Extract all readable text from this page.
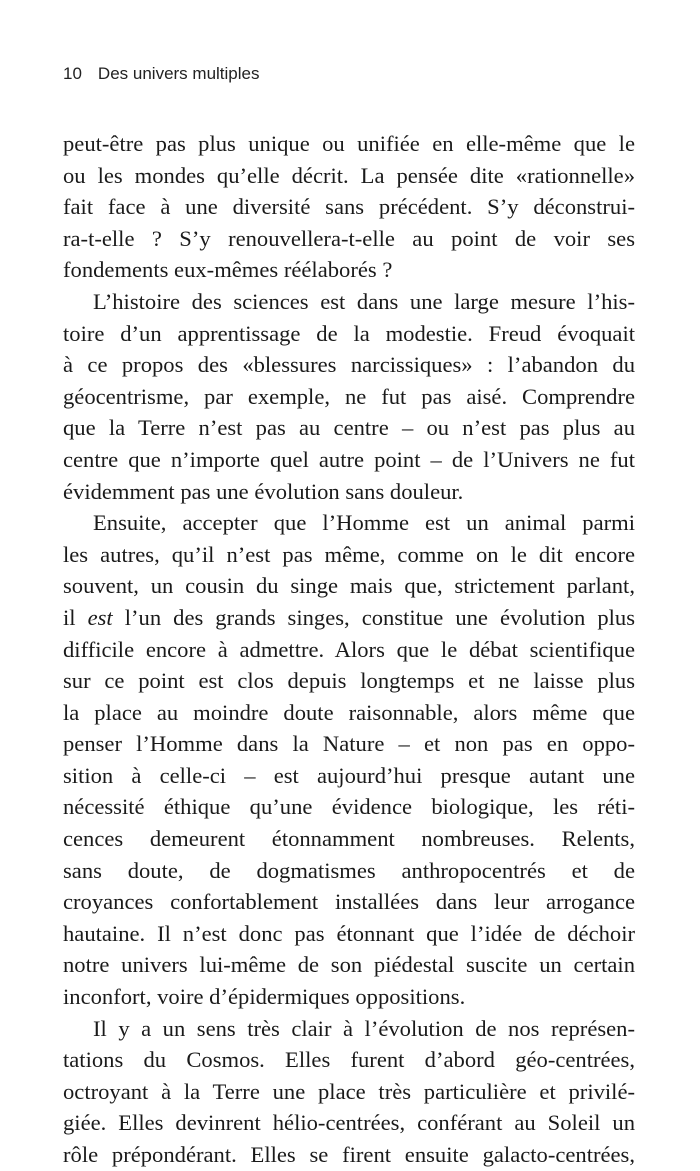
10 Des univers multiples
peut-être pas plus unique ou unifiée en elle-même que le
ou les mondes qu’elle décrit. La pensée dite «rationnelle»
fait face à une diversité sans précédent. S’y déconstrui-
ra-t-elle ? S’y renouvellera-t-elle au point de voir ses
fondements eux-mêmes réélaborés ?
L’histoire des sciences est dans une large mesure l’his-
toire d’un apprentissage de la modestie. Freud évoquait
à ce propos des «blessures narcissiques» : l’abandon du
géocentrisme, par exemple, ne fut pas aisé. Comprendre
que la Terre n’est pas au centre – ou n’est pas plus au
centre que n’importe quel autre point – de l’Univers ne fut
évidemment pas une évolution sans douleur.
Ensuite, accepter que l’Homme est un animal parmi
les autres, qu’il n’est pas même, comme on le dit encore
souvent, un cousin du singe mais que, strictement parlant,
il est l’un des grands singes, constitue une évolution plus
difficile encore à admettre. Alors que le débat scientifique
sur ce point est clos depuis longtemps et ne laisse plus
la place au moindre doute raisonnable, alors même que
penser l’Homme dans la Nature – et non pas en oppo-
sition à celle-ci – est aujourd’hui presque autant une
nécessité éthique qu’une évidence biologique, les réti-
cences demeurent étonnamment nombreuses. Relents,
sans doute, de dogmatismes anthropocentrés et de
croyances confortablement installées dans leur arrogance
hautaine. Il n’est donc pas étonnant que l’idée de déchoir
notre univers lui-même de son piédestal suscite un certain
inconfort, voire d’épidermiques oppositions.
Il y a un sens très clair à l’évolution de nos représen-
tations du Cosmos. Elles furent d’abord géo-centrées,
octroyant à la Terre une place très particulière et privilé-
giée. Elles devinrent hélio-centrées, conférant au Soleil un
rôle prépondérant. Elles se firent ensuite galacto-centrées,
